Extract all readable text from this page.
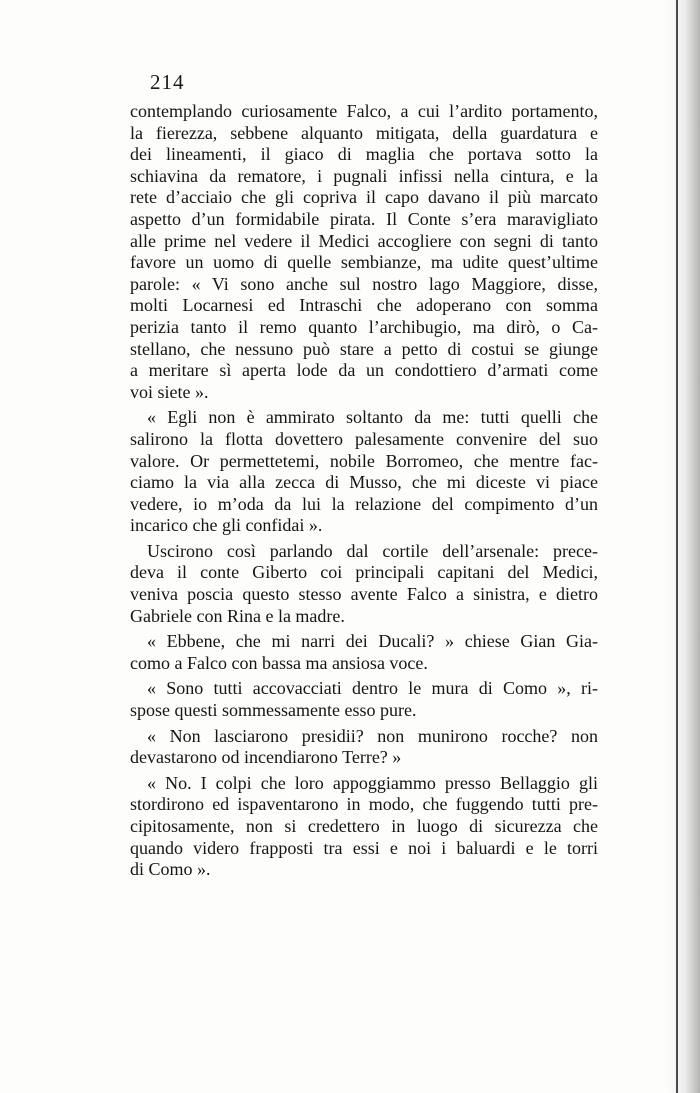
214
contemplando curiosamente Falco, a cui l’ardito portamento,
la fierezza, sebbene alquanto mitigata, della guardatura e
dei lineamenti, il giaco di maglia che portava sotto la
schiavina da rematore, i pugnali infissi nella cintura, e la
rete d’acciaio che gli copriva il capo davano il più marcato
aspetto d’un formidabile pirata. Il Conte s’era maravigliato
alle prime nel vedere il Medici accogliere con segni di tanto
favore un uomo di quelle sembianze, ma udite quest’ultime
parole: « Vi sono anche sul nostro lago Maggiore, disse,
molti Locarnesi ed Intraschi che adoperano con somma
perizia tanto il remo quanto l’archibugio, ma dirò, o Ca-
stellano, che nessuno può stare a petto di costui se giunge
a meritare sì aperta lode da un condottiero d’armati come
voi siete ».
« Egli non è ammirato soltanto da me: tutti quelli che
salirono la flotta dovettero palesamente convenire del suo
valore. Or permettetemi, nobile Borromeo, che mentre fac-
ciamo la via alla zecca di Musso, che mi diceste vi piace
vedere, io m’oda da lui la relazione del compimento d’un
incarico che gli confidai ».
Uscirono così parlando dal cortile dell’arsenale: prece-
deva il conte Giberto coi principali capitani del Medici,
veniva poscia questo stesso avente Falco a sinistra, e dietro
Gabriele con Rina e la madre.
« Ebbene, che mi narri dei Ducali? » chiese Gian Gia-
como a Falco con bassa ma ansiosa voce.
« Sono tutti accovacciati dentro le mura di Como », ri-
spose questi sommessamente esso pure.
« Non lasciarono presidii? non munirono rocche? non
devastarono od incendiarono Terre? »
« No. I colpi che loro appoggiammo presso Bellaggio gli
stordirono ed ispaventarono in modo, che fuggendo tutti pre-
cipitosamente, non si credettero in luogo di sicurezza che
quando videro frapposti tra essi e noi i baluardi e le torri
di Como ».
